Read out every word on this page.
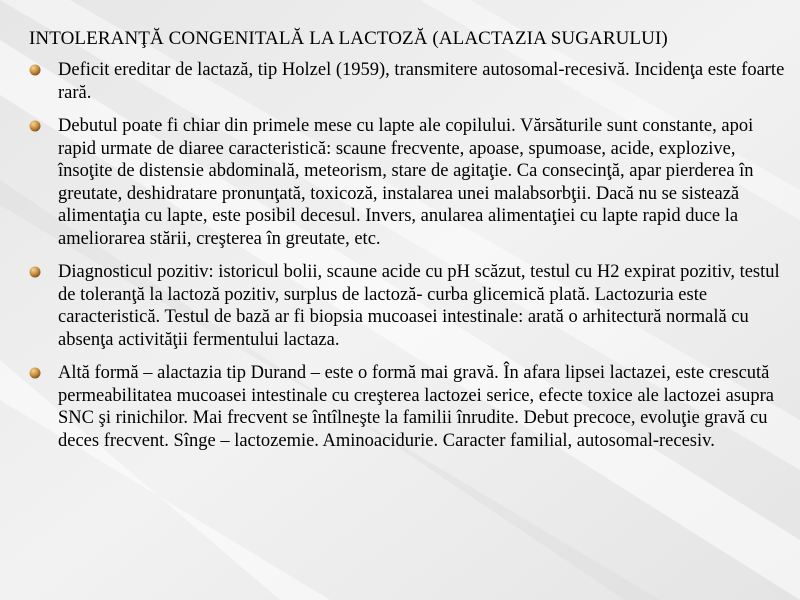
INTOLERANŢĂ CONGENITALĂ LA LACTOZĂ (ALACTAZIA SUGARULUI)
Deficit ereditar de lactază, tip Holzel (1959), transmitere autosomal-recesivă. Incidenţa este foarte rară.
Debutul poate fi chiar din primele mese cu lapte ale copilului. Vărsăturile sunt constante, apoi rapid urmate de diaree caracteristică: scaune frecvente, apoase, spumoase, acide, explozive, însoţite de distensie abdominală, meteorism, stare de agitaţie. Ca consecinţă, apar pierderea în greutate, deshidratare pronunţată, toxicoză, instalarea unei malabsorbţii. Dacă nu se sistează alimentaţia cu lapte, este posibil decesul. Invers, anularea alimentaţiei cu lapte rapid duce la ameliorarea stării, creşterea în greutate, etc.
Diagnosticul pozitiv: istoricul bolii, scaune acide cu pH scăzut, testul cu H2 expirat pozitiv, testul de toleranţă la lactoză pozitiv, surplus de lactoză- curba glicemică plată. Lactozuria este caracteristică. Testul de bază ar fi biopsia mucoasei intestinale: arată o arhitectură normală cu absenţa activităţii fermentului lactaza.
Altă formă – alactazia tip Durand – este o formă mai gravă. În afara lipsei lactazei, este crescută permeabilitatea mucoasei intestinale cu creşterea lactozei serice, efecte toxice ale lactozei asupra SNC şi rinichilor. Mai frecvent se întîlneşte la familii înrudite. Debut precoce, evoluţie gravă cu deces frecvent. Sînge – lactozemie. Aminoacidurie. Caracter familial, autosomal-recesiv.
